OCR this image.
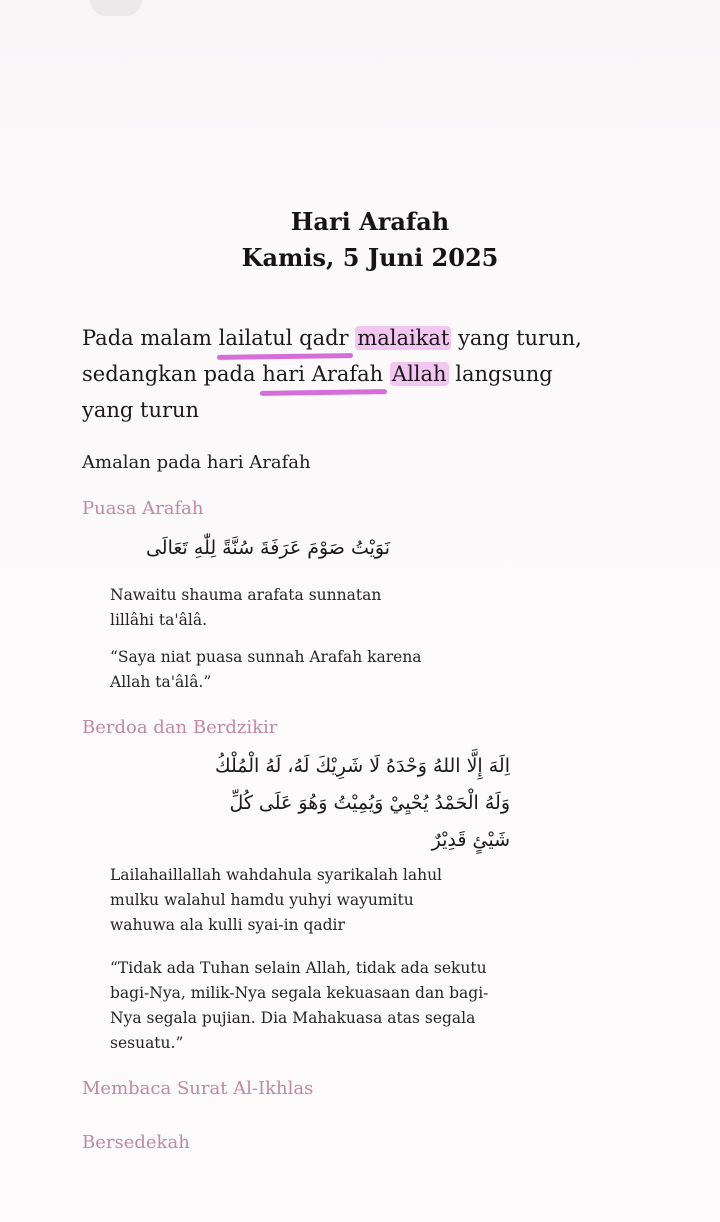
Hari Arafah
Kamis, 5 Juni 2025
Pada malam lailatul qadr malaikat yang turun, sedangkan pada hari Arafah Allah langsung yang turun
Amalan pada hari Arafah
Puasa Arafah
نَوَيْتُ صَوْمَ عَرَفَةَ سُنَّةً لِلّٰهِ تَعَالَى
Nawaitu shauma arafata sunnatan lillâhi ta'âlâ.
“Saya niat puasa sunnah Arafah karena Allah ta'âlâ.”
Berdoa dan Berdzikir
اِلَهَ إِلَّا اللهُ وَحْدَهُ لَا شَرِيْكَ لَهُ، لَهُ الْمُلْكُ
وَلَهُ الْحَمْدُ يُحْيِيْ وَيُمِيْتُ وَهُوَ عَلَى كُلِّ
شَيْئٍ قَدِيْرٌ
Lailahaillallah wahdahula syarikalah lahul mulku walahul hamdu yuhyi wayumitu wahuwa ala kulli syai-in qadir
“Tidak ada Tuhan selain Allah, tidak ada sekutu bagi-Nya, milik-Nya segala kekuasaan dan bagi-Nya segala pujian. Dia Mahakuasa atas segala sesuatu.”
Membaca Surat Al-Ikhlas
Bersedekah
